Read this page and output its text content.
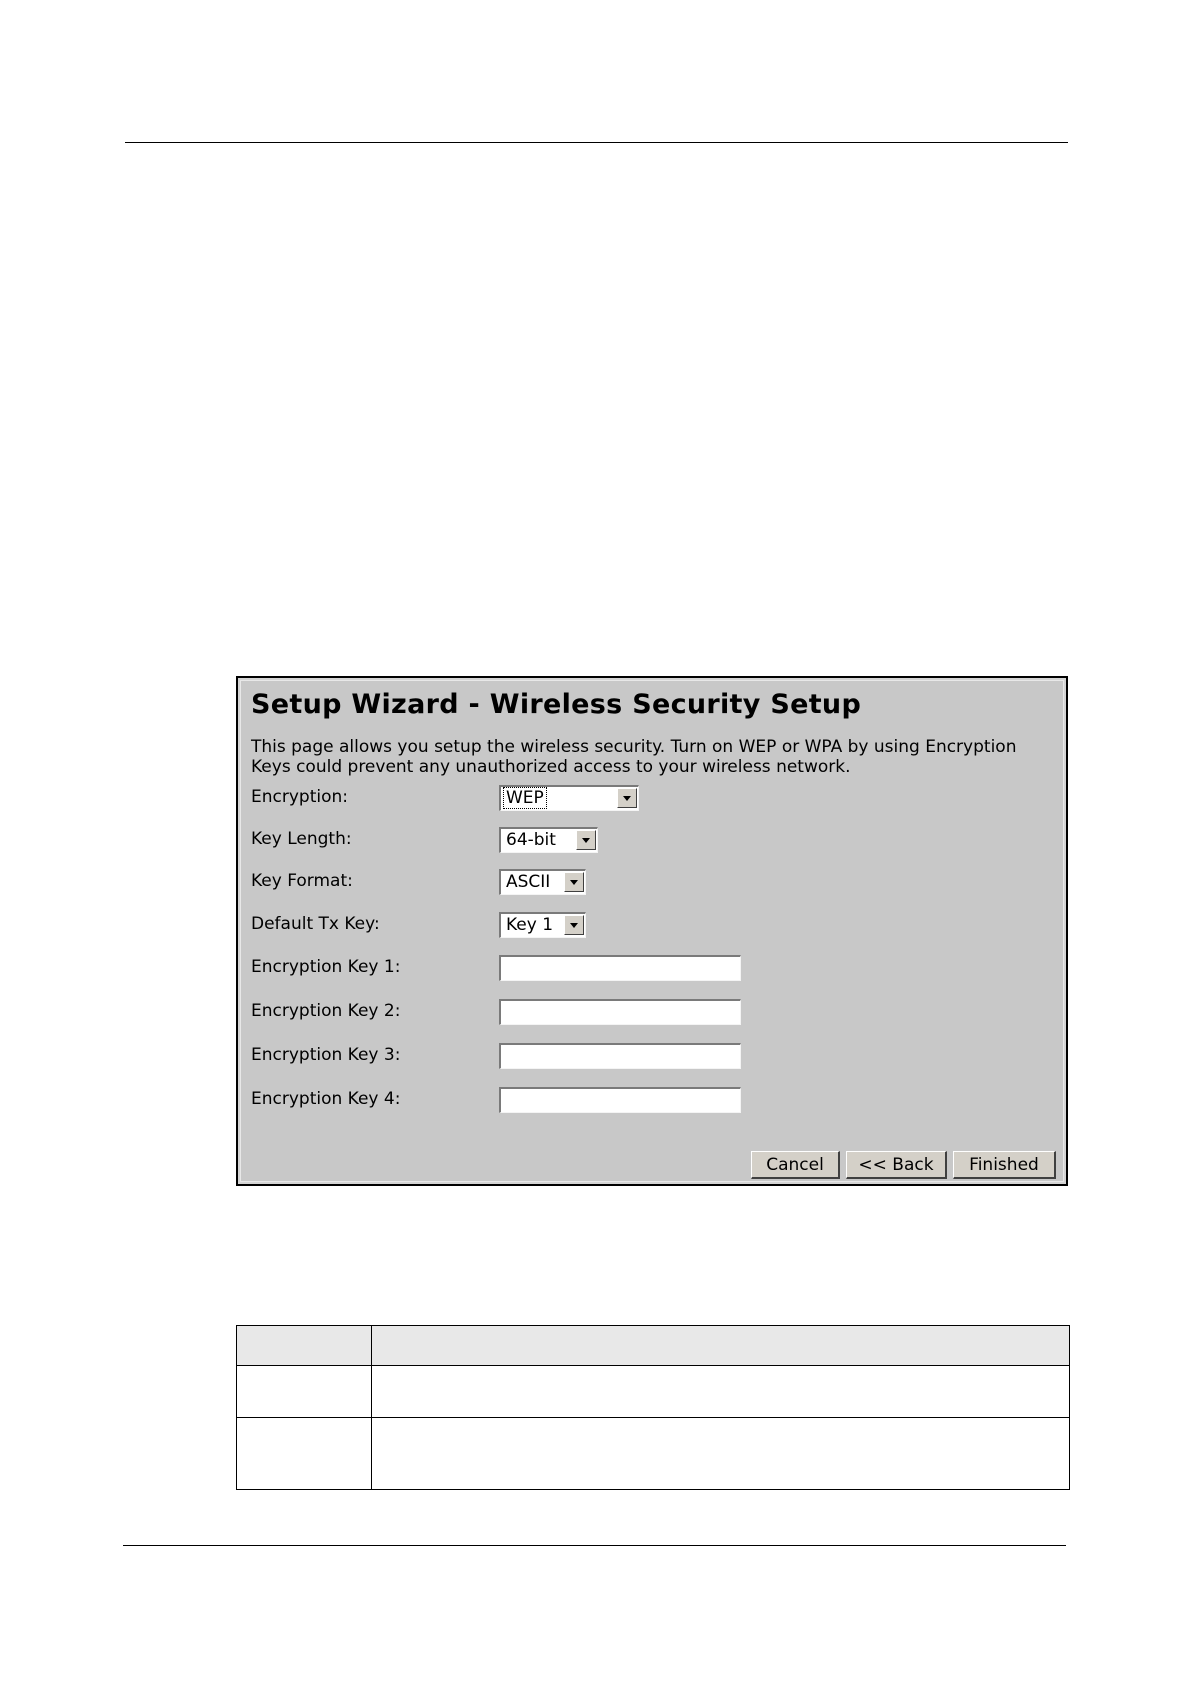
Setup Wizard - Wireless Security Setup
This page allows you setup the wireless security. Turn on WEP or WPA by using Encryption Keys could prevent any unauthorized access to your wireless network.
Encryption:	WEP
Key Length:	64-bit
Key Format:	ASCII
Default Tx Key:	Key 1
Encryption Key 1:
Encryption Key 2:
Encryption Key 3:
Encryption Key 4:
Cancel	<< Back	Finished
